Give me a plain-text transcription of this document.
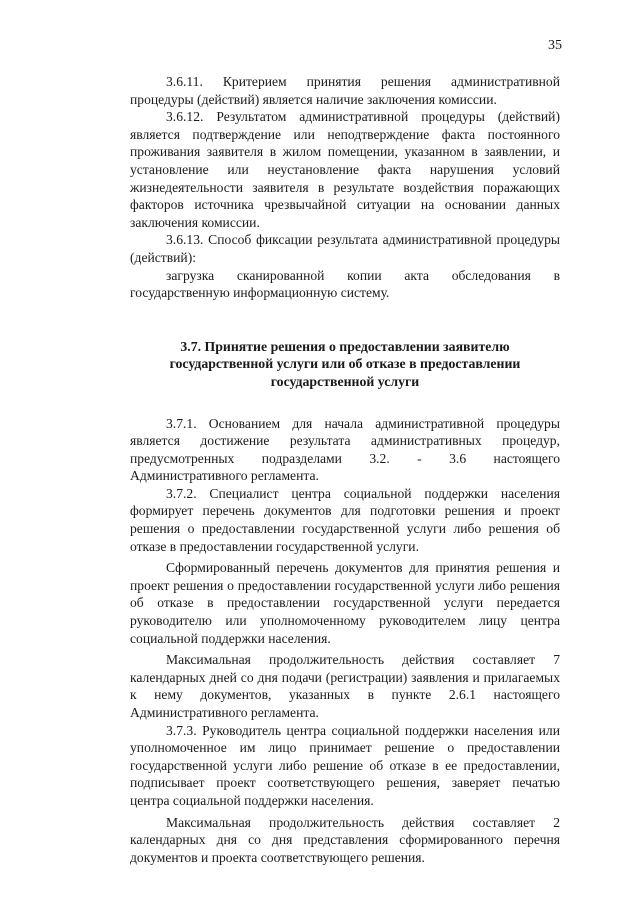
35

3.6.11. Критерием принятия решения административной процедуры (действий) является наличие заключения комиссии.

3.6.12. Результатом административной процедуры (действий) является подтверждение или неподтверждение факта постоянного проживания заявителя в жилом помещении, указанном в заявлении, и установление или неустановление факта нарушения условий жизнедеятельности заявителя в результате воздействия поражающих факторов источника чрезвычайной ситуации на основании данных заключения комиссии.

3.6.13. Способ фиксации результата административной процедуры (действий):

загрузка сканированной копии акта обследования в государственную информационную систему.

3.7. Принятие решения о предоставлении заявителю
государственной услуги или об отказе в предоставлении
государственной услуги

3.7.1. Основанием для начала административной процедуры является достижение результата административных процедур, предусмотренных подразделами 3.2. - 3.6 настоящего Административного регламента.

3.7.2. Специалист центра социальной поддержки населения формирует перечень документов для подготовки решения и проект решения о предоставлении государственной услуги либо решения об отказе в предоставлении государственной услуги.

Сформированный перечень документов для принятия решения и проект решения о предоставлении государственной услуги либо решения об отказе в предоставлении государственной услуги передается руководителю или уполномоченному руководителем лицу центра социальной поддержки населения.

Максимальная продолжительность действия составляет 7 календарных дней со дня подачи (регистрации) заявления и прилагаемых к нему документов, указанных в пункте 2.6.1 настоящего Административного регламента.

3.7.3. Руководитель центра социальной поддержки населения или уполномоченное им лицо принимает решение о предоставлении государственной услуги либо решение об отказе в ее предоставлении, подписывает проект соответствующего решения, заверяет печатью центра социальной поддержки населения.

Максимальная продолжительность действия составляет 2 календарных дня со дня представления сформированного перечня документов и проекта соответствующего решения.
